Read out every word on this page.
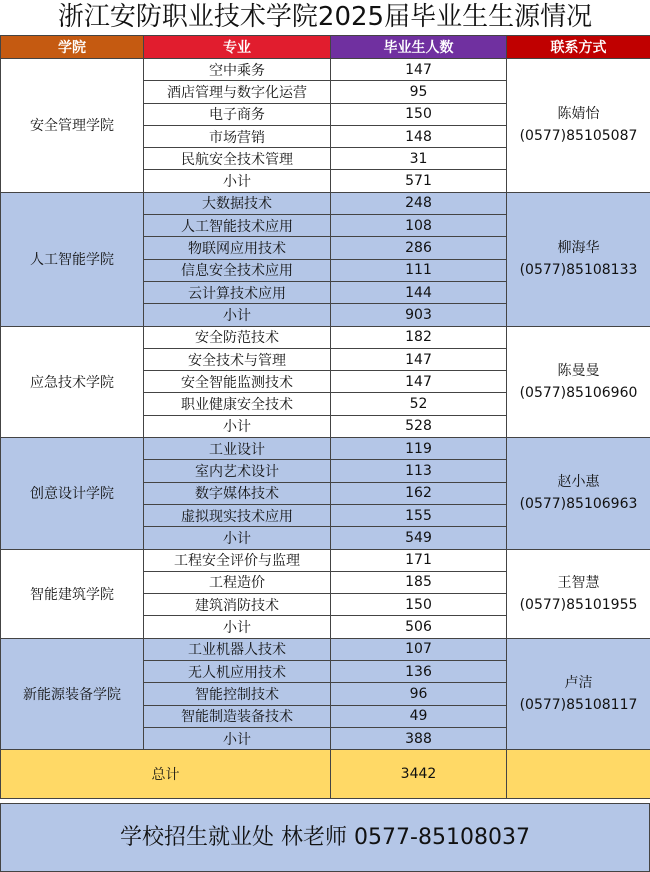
浙江安防职业技术学院2025届毕业生生源情况
学院	专业	毕业生人数	联系方式
安全管理学院	空中乘务	147	陈婧怡
(0577)85105087

	酒店管理与数字化运营	95	
	电子商务	150	
	市场营销	148	
	民航安全技术管理	31	
	小计	571	
人工智能学院	大数据技术	248	柳海华
(0577)85108133

	人工智能技术应用	108	
	物联网应用技术	286	
	信息安全技术应用	111	
	云计算技术应用	144	
	小计	903	
应急技术学院	安全防范技术	182	陈曼曼
(0577)85106960

	安全技术与管理	147	
	安全智能监测技术	147	
	职业健康安全技术	52	
	小计	528	
创意设计学院	工业设计	119	赵小惠
(0577)85106963

	室内艺术设计	113	
	数字媒体技术	162	
	虚拟现实技术应用	155	
	小计	549	
智能建筑学院	工程安全评价与监理	171	王智慧
(0577)85101955

	工程造价	185	
	建筑消防技术	150	
	小计	506	
新能源装备学院	工业机器人技术	107	卢洁
(0577)85108117

	无人机应用技术	136	
	智能控制技术	96	
	智能制造装备技术	49	
	小计	388	
总计		3442	
学校招生就业处 林老师 0577-85108037
